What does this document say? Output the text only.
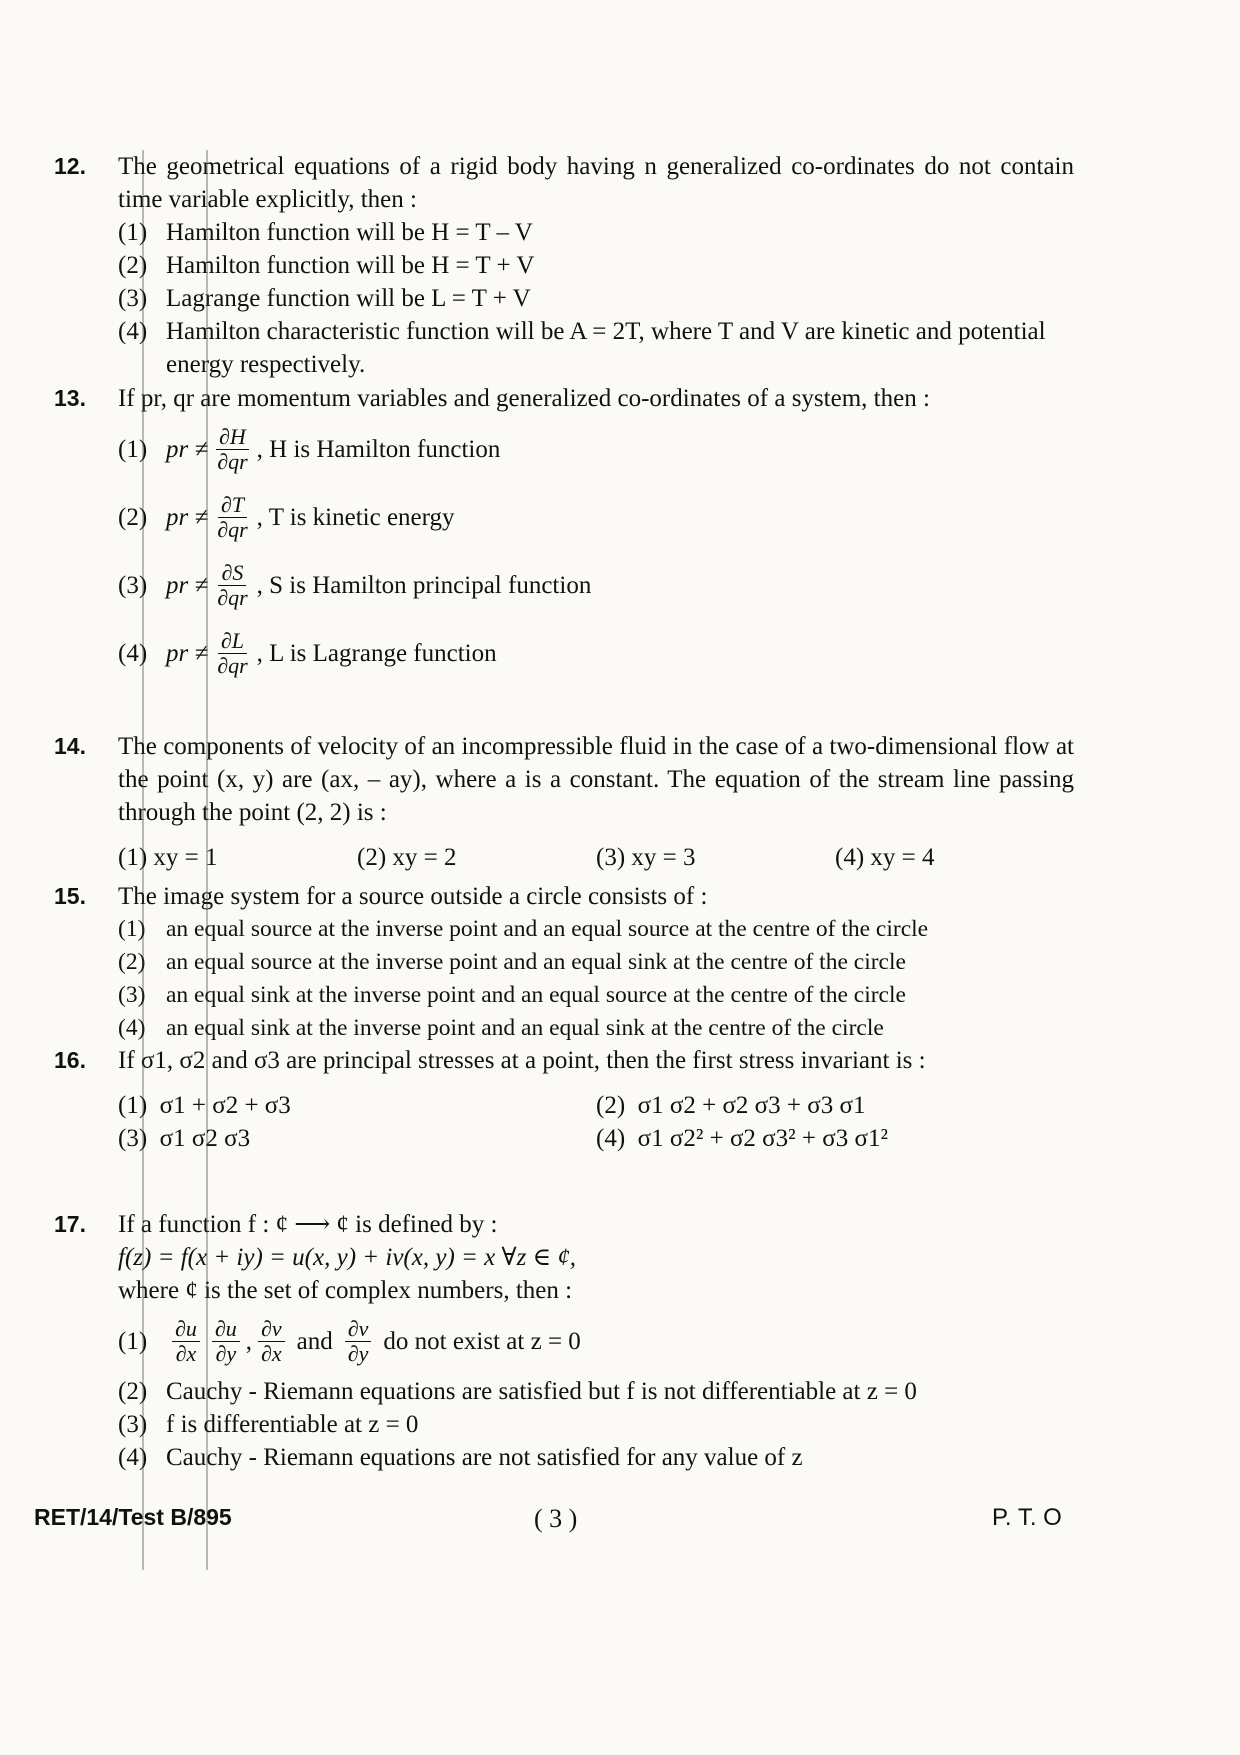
12.	The geometrical equations of a rigid body having n generalized co-ordinates do not contain time variable explicitly, then :
(1) Hamilton function will be H = T – V
(2) Hamilton function will be H = T + V
(3) Lagrange function will be L = T + V
(4) Hamilton characteristic function will be A = 2T, where T and V are kinetic and potential energy respectively.
13.	If pr, qr are momentum variables and generalized co-ordinates of a system, then :
(1) pr ≠ $\frac{\partial H}{\partial qr}$ , H is Hamilton function
(2) pr ≠ $\frac{\partial T}{\partial qr}$ , T is kinetic energy
(3) pr ≠ $\frac{\partial S}{\partial qr}$ , S is Hamilton principal function
(4) pr ≠ $\frac{\partial L}{\partial qr}$ , L is Lagrange function
14.	The components of velocity of an incompressible fluid in the case of a two-dimensional flow at the point (x, y) are (ax, – ay), where a is a constant. The equation of the stream line passing through the point (2, 2) is :
(1) xy = 1	(2) xy = 2	(3) xy = 3	(4) xy = 4
15.	The image system for a source outside a circle consists of :
(1) an equal source at the inverse point and an equal source at the centre of the circle
(2) an equal source at the inverse point and an equal sink at the centre of the circle
(3) an equal sink at the inverse point and an equal source at the centre of the circle
(4) an equal sink at the inverse point and an equal sink at the centre of the circle
16.	If σ1, σ2 and σ3 are principal stresses at a point, then the first stress invariant is :
(1) σ1 + σ2 + σ3	(2) σ1 σ2 + σ2 σ3 + σ3 σ1
(3) σ1 σ2 σ3	(4) σ1 σ2² + σ2 σ3² + σ3 σ1²
17.	If a function f : ¢ ⟶ ¢ is defined by :
f(z) = f(x + iy) = u(x, y) + iv(x, y) = x ∀z ∈ ¢,
where ¢ is the set of complex numbers, then :
$(1) \frac{\partial u}{\partial x} \frac{\partial u}{\partial y}$ , $\frac{\partial v}{\partial x}$ and $\frac{\partial v}{\partial y}$ do not exist at z = 0
(2) Cauchy - Riemann equations are satisfied but f is not differentiable at z = 0
(3) f is differentiable at z = 0
(4) Cauchy - Riemann equations are not satisfied for any value of z
RET/14/Test B/895	( 3 )	P. T. O
